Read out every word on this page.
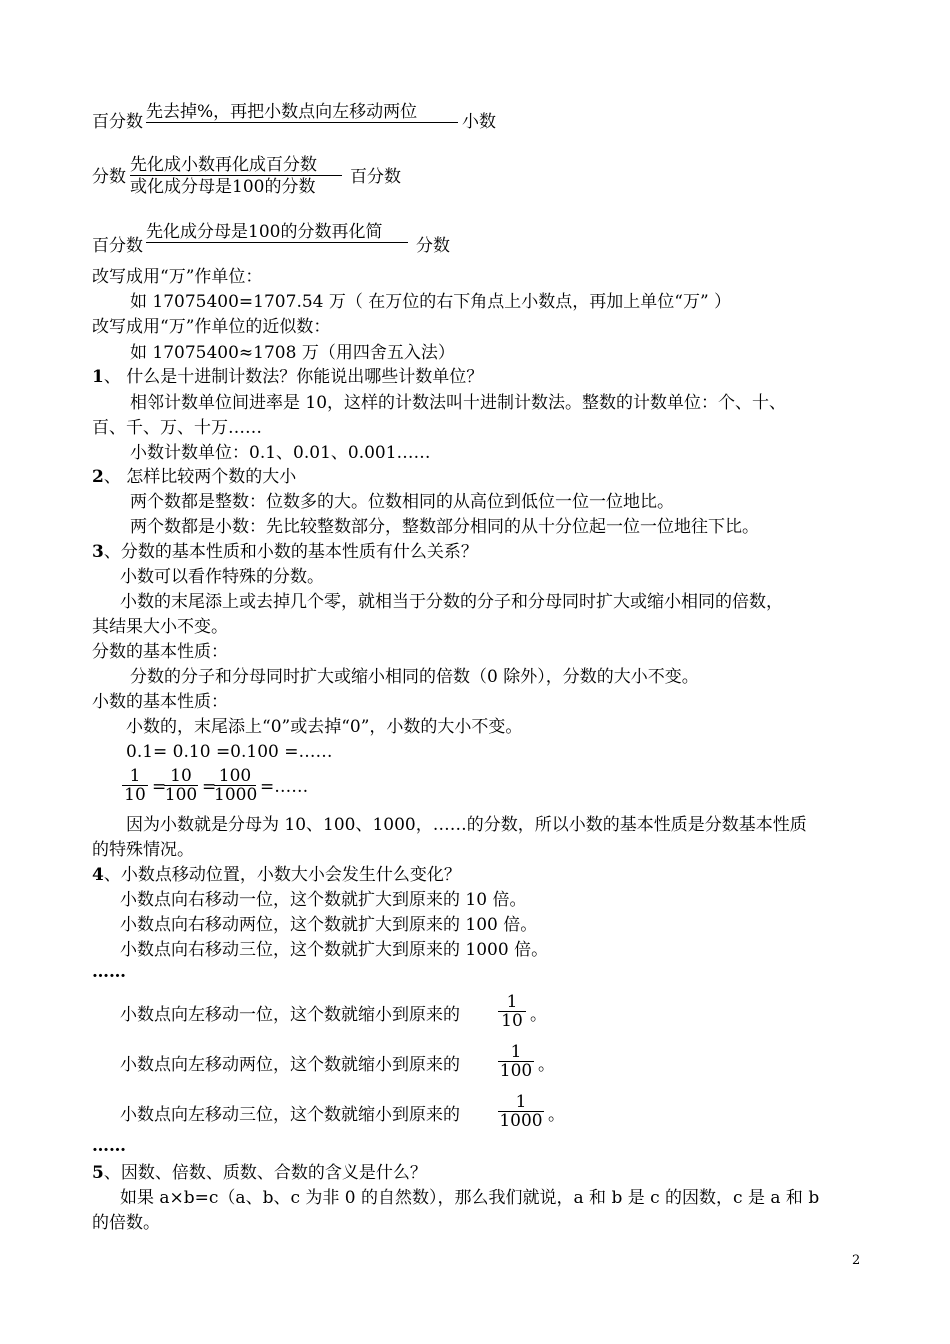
百分数 先去掉%，再把小数点向左移动两位	小数
分数
先化成小数再化成百分数
或化成分母是100的分数 百分数
百分数
先化成分母是100的分数再化简
分数
改写成用“万”作单位：
如 17075400=1707.54 万（ 在万位的右下角点上小数点，再加上单位“万” ）
改写成用“万”作单位的近似数：
如 17075400≈1708 万（用四舍五入法）
1、 什么是十进制计数法？你能说出哪些计数单位？
相邻计数单位间进率是 10，这样的计数法叫十进制计数法。整数的计数单位：个、十、
百、千、万、十万……
小数计数单位：0.1、0.01、0.001……
2、 怎样比较两个数的大小
两个数都是整数：位数多的大。位数相同的从高位到低位一位一位地比。
两个数都是小数：先比较整数部分，整数部分相同的从十分位起一位一位地往下比。
3、分数的基本性质和小数的基本性质有什么关系？
小数可以看作特殊的分数。
小数的末尾添上或去掉几个零，就相当于分数的分子和分母同时扩大或缩小相同的倍数，
其结果大小不变。
分数的基本性质：
分数的分子和分母同时扩大或缩小相同的倍数（0 除外），分数的大小不变。
小数的基本性质：
小数的，末尾添上“0”或去掉“0”，小数的大小不变。
0.1= 0.10 =0.100 =……
$\frac{1}{10}$ =
$\frac{10}{100}$ =
$\frac{100}{1000}$ =……
因为小数就是分母为 10、100、1000，……的分数，所以小数的基本性质是分数基本性质
的特殊情况。
4、小数点移动位置，小数大小会发生什么变化？
小数点向右移动一位，这个数就扩大到原来的 10 倍。
小数点向右移动两位，这个数就扩大到原来的 100 倍。
小数点向右移动三位，这个数就扩大到原来的 1000 倍。
……
小数点向左移动一位，这个数就缩小到原来的 $\frac{1}{10}$ 。
小数点向左移动两位，这个数就缩小到原来的 $\frac{1}{100}$ 。
小数点向左移动三位，这个数就缩小到原来的 $\frac{1}{1000}$ 。
……
5、因数、倍数、质数、合数的含义是什么？
如果 a×b=c（a、b、c 为非 0 的自然数），那么我们就说，a 和 b 是 c 的因数，c 是 a 和 b
的倍数。
2
